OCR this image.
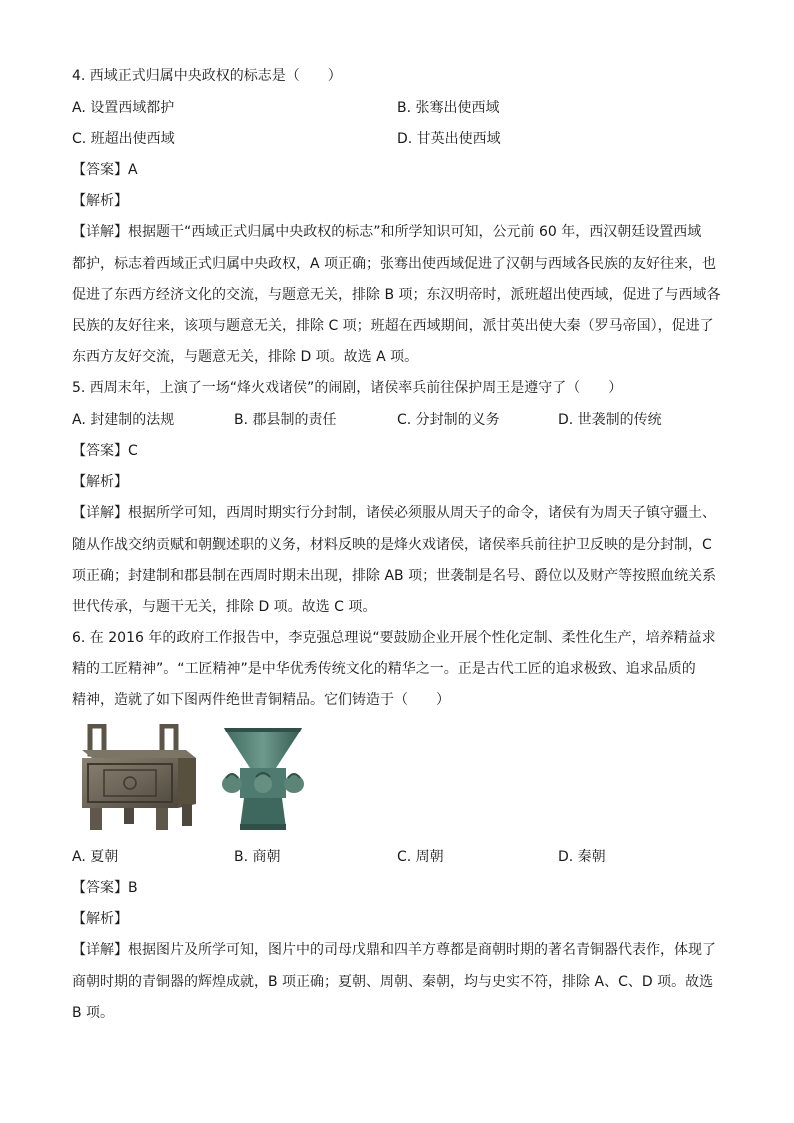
4. 西域正式归属中央政权的标志是（　　）
A. 设置西域都护	B. 张骞出使西域
C. 班超出使西域	D. 甘英出使西域
【答案】A
【解析】
【详解】根据题干“西域正式归属中央政权的标志”和所学知识可知，公元前 60 年，西汉朝廷设置西域
都护，标志着西域正式归属中央政权，A 项正确；张骞出使西域促进了汉朝与西域各民族的友好往来，也
促进了东西方经济文化的交流，与题意无关，排除 B 项；东汉明帝时，派班超出使西域，促进了与西域各
民族的友好往来，该项与题意无关，排除 C 项；班超在西域期间，派甘英出使大秦（罗马帝国），促进了
东西方友好交流，与题意无关，排除 D 项。故选 A 项。
5. 西周末年，上演了一场“烽火戏诸侯”的闹剧，诸侯率兵前往保护周王是遵守了（　　）
A. 封建制的法规	B. 郡县制的责任	C. 分封制的义务	D. 世袭制的传统
【答案】C
【解析】
【详解】根据所学可知，西周时期实行分封制，诸侯必须服从周天子的命令，诸侯有为周天子镇守疆土、
随从作战交纳贡赋和朝觐述职的义务，材料反映的是烽火戏诸侯，诸侯率兵前往护卫反映的是分封制，C
项正确；封建制和郡县制在西周时期未出现，排除 AB 项；世袭制是名号、爵位以及财产等按照血统关系
世代传承，与题干无关，排除 D 项。故选 C 项。
6. 在 2016 年的政府工作报告中，李克强总理说“要鼓励企业开展个性化定制、柔性化生产，培养精益求
精的工匠精神”。“工匠精神”是中华优秀传统文化的精华之一。正是古代工匠的追求极致、追求品质的
精神，造就了如下图两件绝世青铜精品。它们铸造于（　　）
A. 夏朝	B. 商朝	C. 周朝	D. 秦朝
【答案】B
【解析】
【详解】根据图片及所学可知，图片中的司母戊鼎和四羊方尊都是商朝时期的著名青铜器代表作，体现了
商朝时期的青铜器的辉煌成就，B 项正确；夏朝、周朝、秦朝，均与史实不符，排除 A、C、D 项。故选
B 项。
